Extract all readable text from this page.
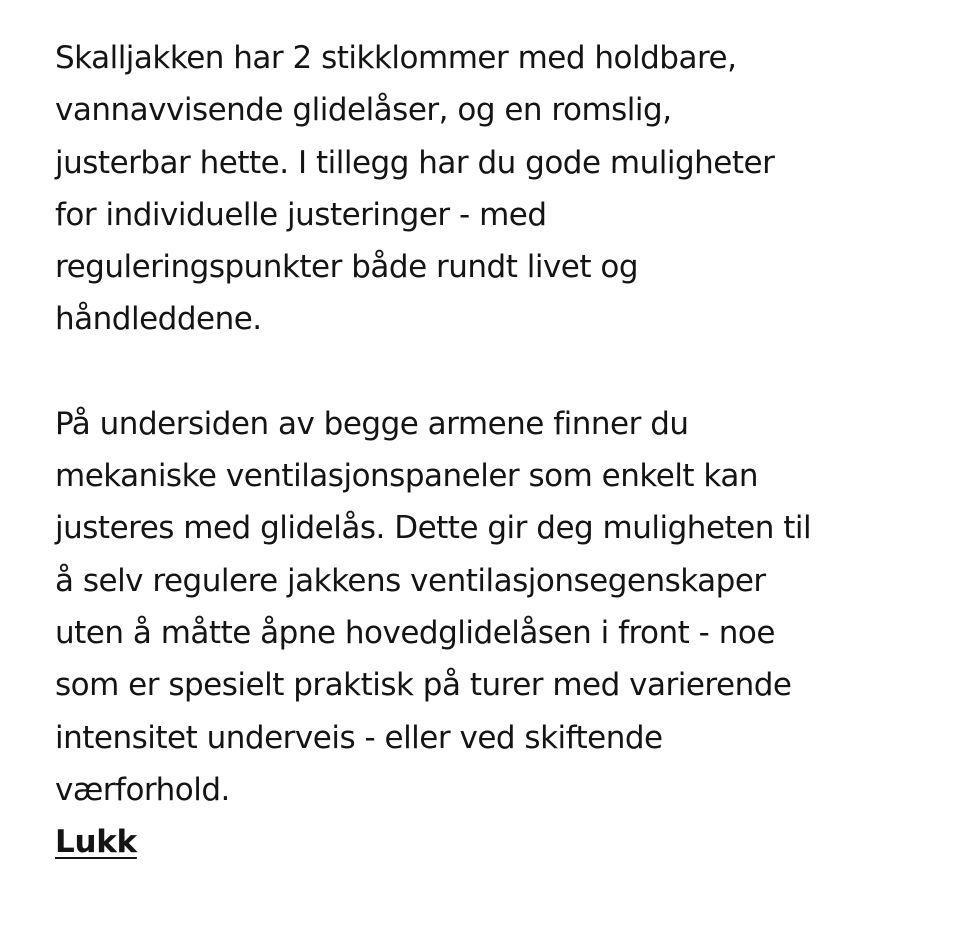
Skalljakken har 2 stikklommer med holdbare,
vannavvisende glidelåser, og en romslig,
justerbar hette. I tillegg har du gode muligheter
for individuelle justeringer - med
reguleringspunkter både rundt livet og
håndleddene.

På undersiden av begge armene finner du
mekaniske ventilasjonspaneler som enkelt kan
justeres med glidelås. Dette gir deg muligheten til
å selv regulere jakkens ventilasjonsegenskaper
uten å måtte åpne hovedglidelåsen i front - noe
som er spesielt praktisk på turer med varierende
intensitet underveis - eller ved skiftende
værforhold.

Lukk
